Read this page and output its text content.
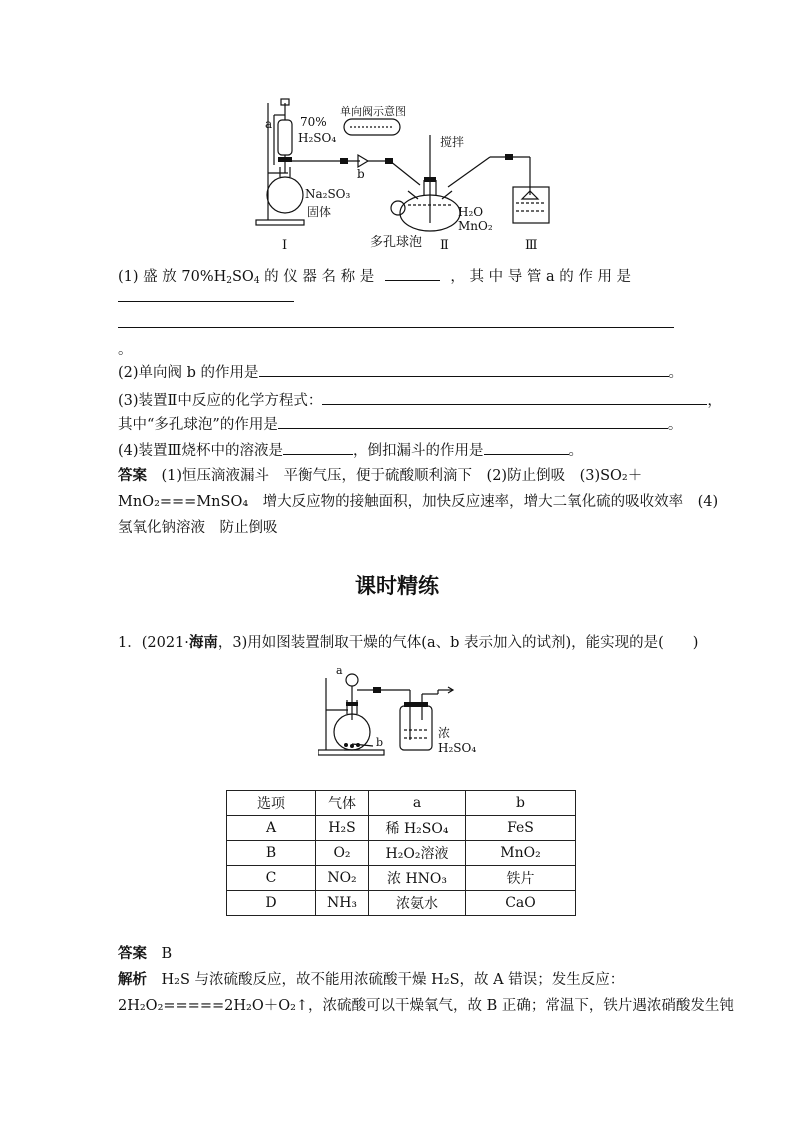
70%
H₂SO₄
a
b
Na₂SO₃
固体
单向阀示意图
搅拌
H₂O
MnO₂
多孔球泡
Ⅰ	Ⅱ	Ⅲ
(1) 盛 放 $70\%H_2SO_4$ 的 仪 器 名 称 是	， 其 中 导 管 a 的 作 用 是
。
(2)单向阀 b 的作用是	。
(3)装置Ⅱ中反应的化学方程式：	，
其中“多孔球泡”的作用是	。
(4)装置Ⅲ烧杯中的溶液是	，倒扣漏斗的作用是	。
答案　 (1)恒压滴液漏斗　平衡气压，便于硫酸顺利滴下　(2)防止倒吸　(3)SO₂＋
MnO₂===MnSO₄　增大反应物的接触面积，加快反应速率，增大二氧化硫的吸收效率　(4)
氢氧化钠溶液　防止倒吸
课时精练
1．(2021·海南，3)用如图装置制取干燥的气体(a、b 表示加入的试剂)，能实现的是(　　)
a
b
浓H₂SO₄
选项	气体	a	b
A	H₂S	稀 H₂SO₄	FeS
B	O₂	H₂O₂溶液	MnO₂
C	NO₂	浓 HNO₃	铁片
D	NH₃	浓氨水	CaO
答案　 B
解析　 H₂S 与浓硫酸反应，故不能用浓硫酸干燥 H₂S，故 A 错误；发生反应：
2H₂O₂=====2H₂O＋O₂↑，浓硫酸可以干燥氧气，故 B 正确；常温下，铁片遇浓硝酸发生钝
